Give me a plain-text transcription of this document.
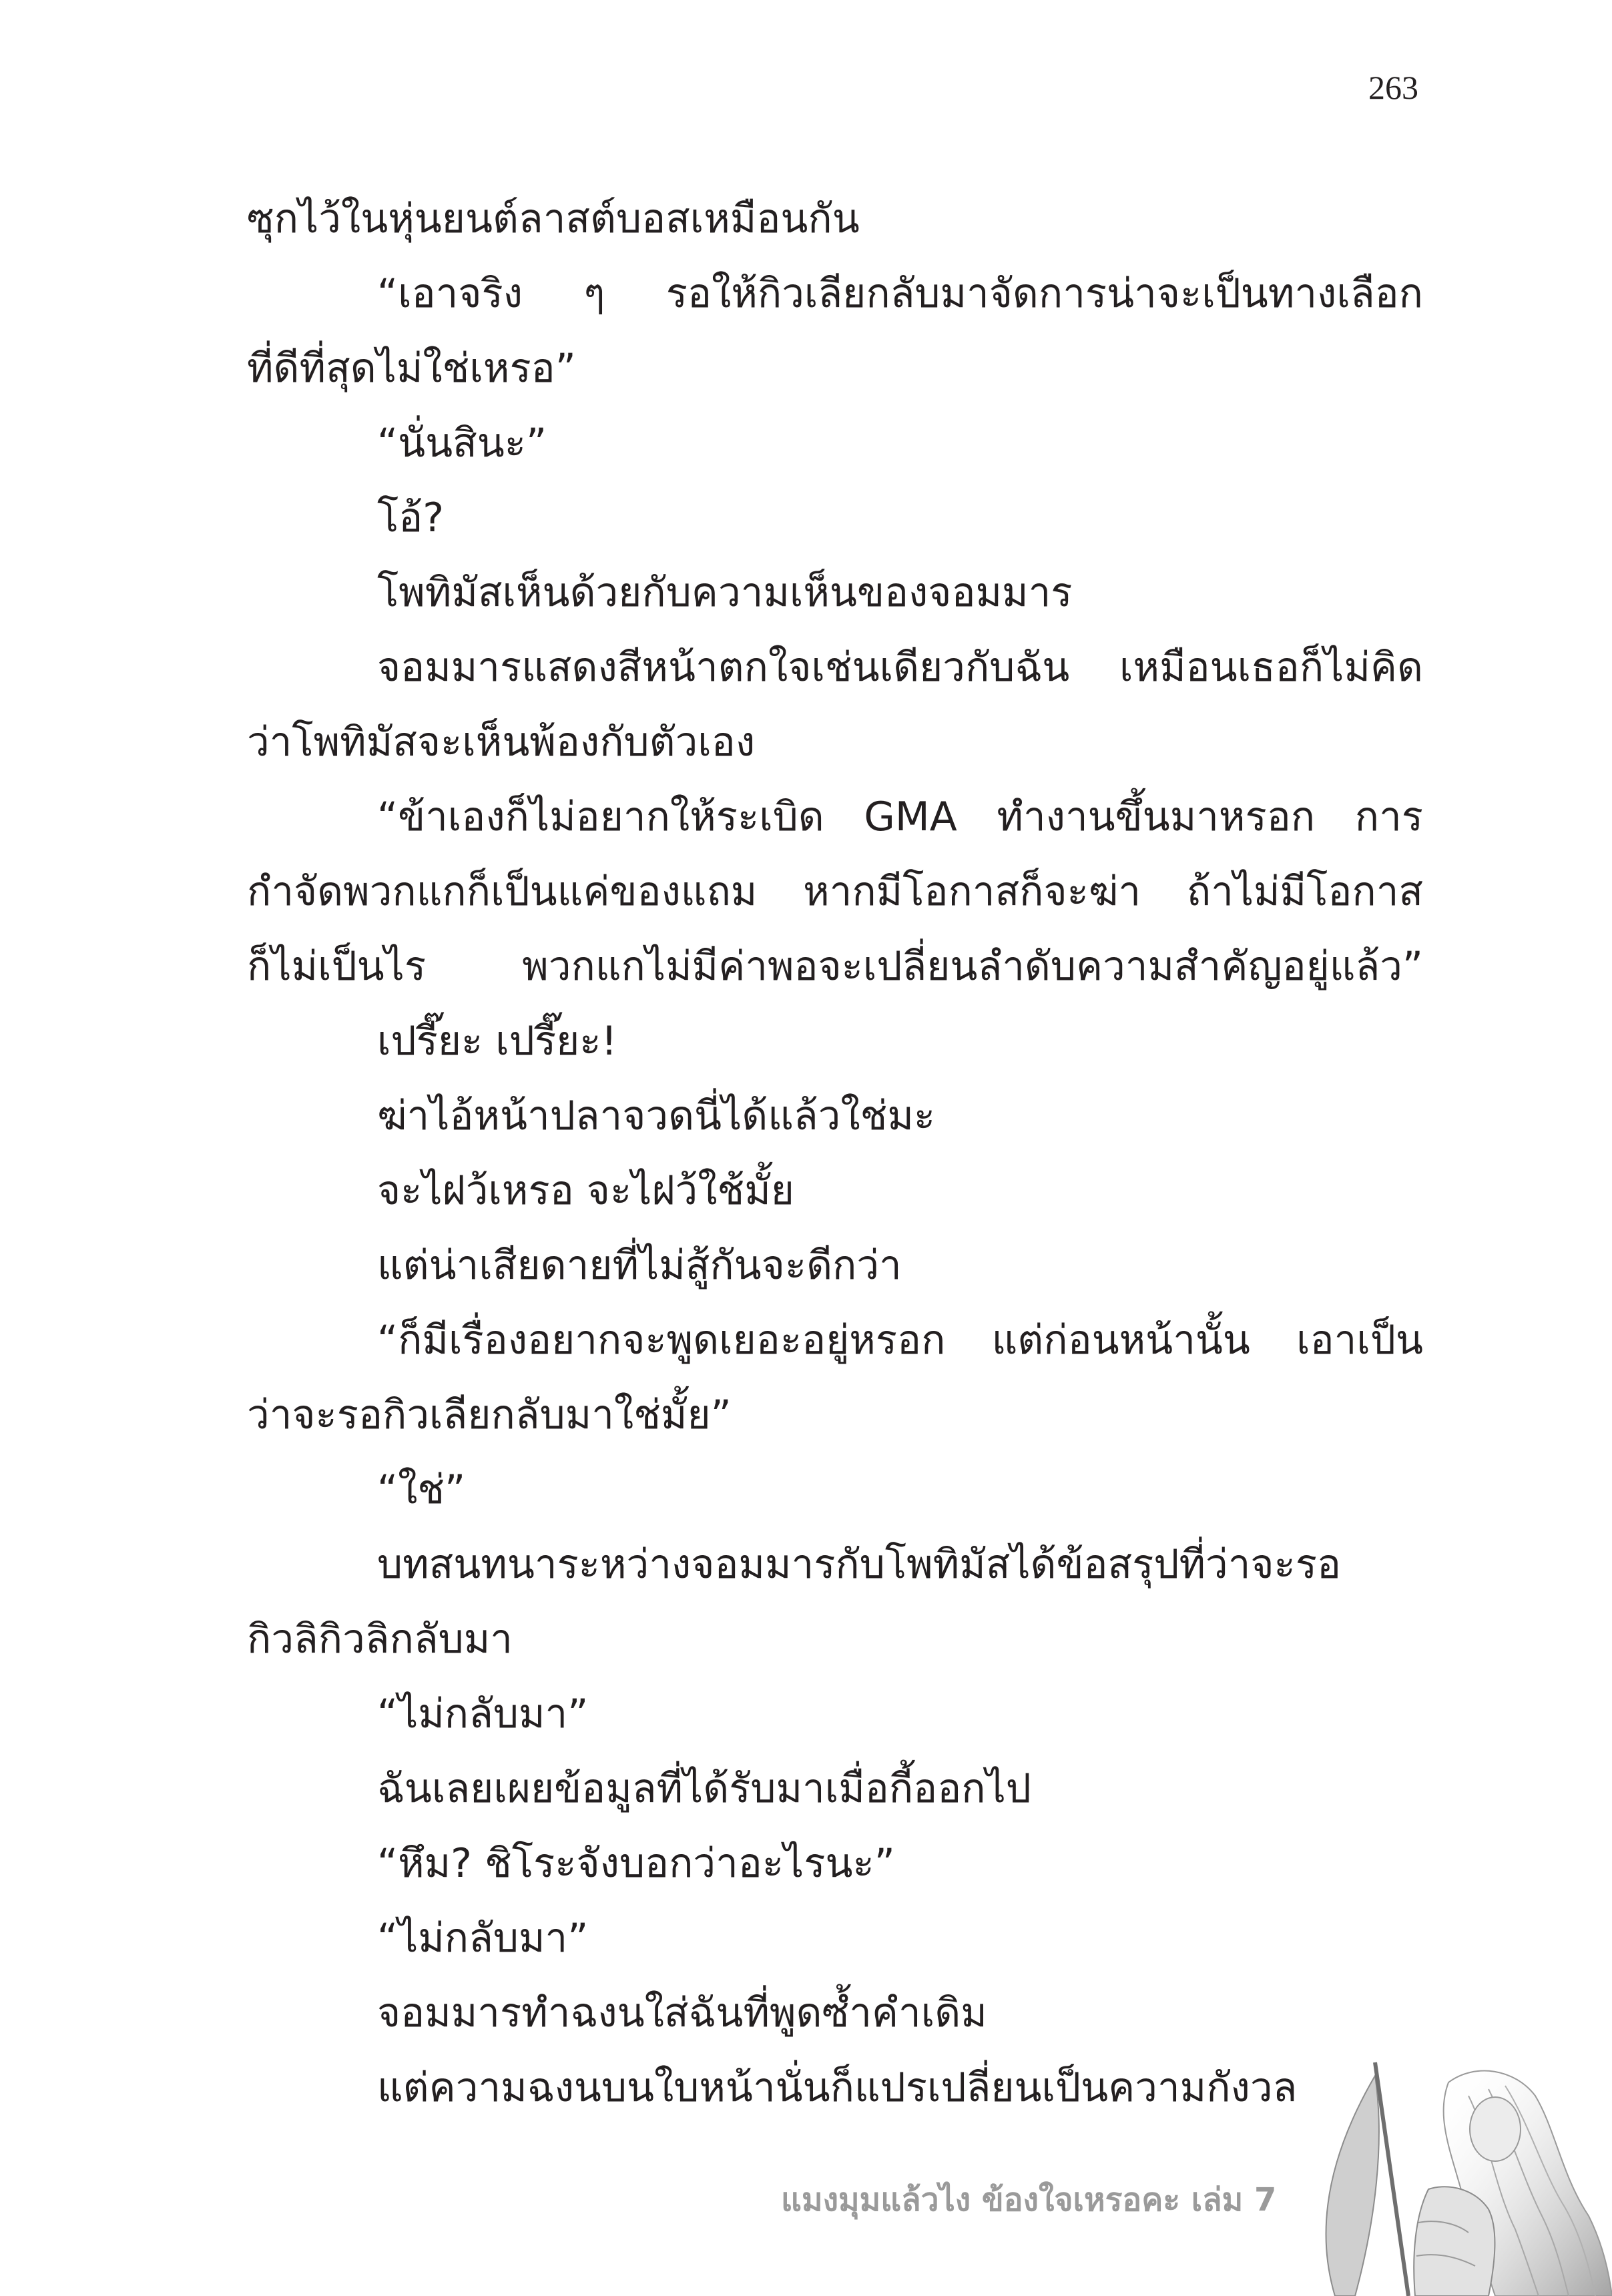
263
ซุกไว้ในหุ่นยนต์ลาสต์บอสเหมือนกัน
“เอาจริง ๆ รอให้กิวเลียกลับมาจัดการน่าจะเป็นทางเลือก
ที่ดีที่สุดไม่ใช่เหรอ”
“นั่นสินะ”
โอ้?
โพทิมัสเห็นด้วยกับความเห็นของจอมมาร
จอมมารแสดงสีหน้าตกใจเช่นเดียวกับฉัน เหมือนเธอก็ไม่คิด
ว่าโพทิมัสจะเห็นพ้องกับตัวเอง
“ข้าเองก็ไม่อยากให้ระเบิด GMA ทำงานขึ้นมาหรอก การ
กำจัดพวกแกก็เป็นแค่ของแถม หากมีโอกาสก็จะฆ่า ถ้าไม่มีโอกาส
ก็ไม่เป็นไร พวกแกไม่มีค่าพอจะเปลี่ยนลำดับความสำคัญอยู่แล้ว”
เปรี๊ยะ เปรี๊ยะ!
ฆ่าไอ้หน้าปลาจวดนี่ได้แล้วใช่มะ
จะไฝว้เหรอ จะไฝว้ใช้มั้ย
แต่น่าเสียดายที่ไม่สู้กันจะดีกว่า
“ก็มีเรื่องอยากจะพูดเยอะอยู่หรอก แต่ก่อนหน้านั้น เอาเป็น
ว่าจะรอกิวเลียกลับมาใช่มั้ย”
“ใช่”
บทสนทนาระหว่างจอมมารกับโพทิมัสได้ข้อสรุปที่ว่าจะรอ
กิวลิกิวลิกลับมา
“ไม่กลับมา”
ฉันเลยเผยข้อมูลที่ได้รับมาเมื่อกี้ออกไป
“หึม? ชิโระจังบอกว่าอะไรนะ”
“ไม่กลับมา”
จอมมารทำฉงนใส่ฉันที่พูดซ้ำคำเดิม
แต่ความฉงนบนใบหน้านั่นก็แปรเปลี่ยนเป็นความกังวล
แมงมุมแล้วไง ข้องใจเหรอคะ เล่ม 7
